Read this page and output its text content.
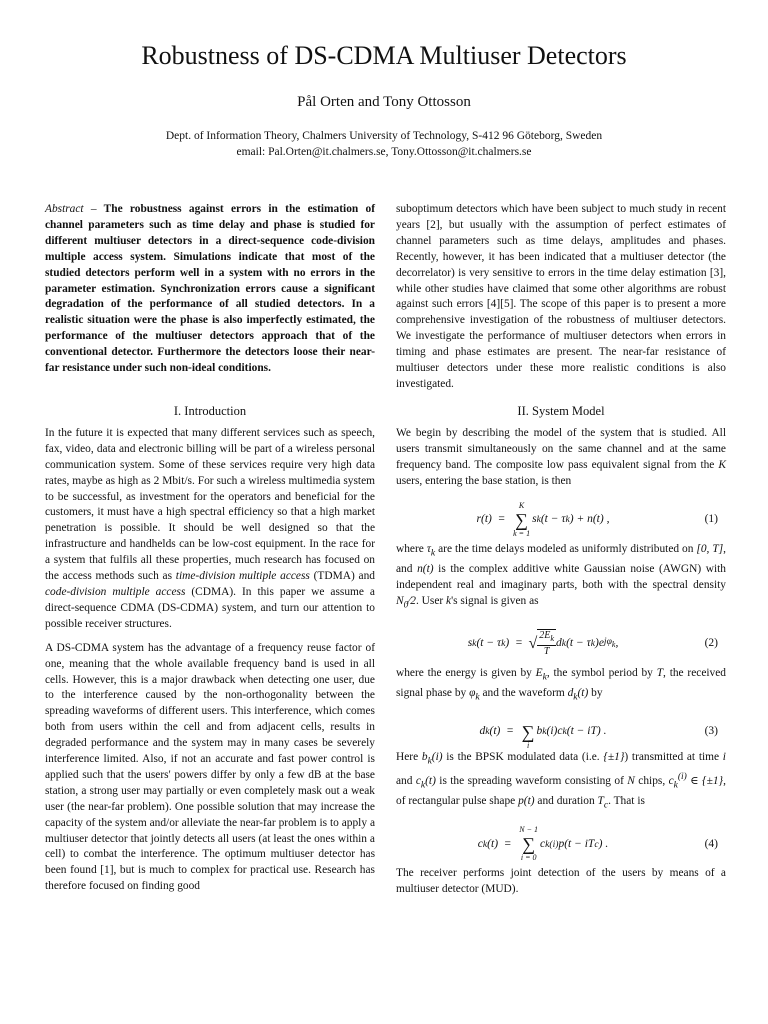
Robustness of DS-CDMA Multiuser Detectors
Pål Orten and Tony Ottosson
Dept. of Information Theory, Chalmers University of Technology, S-412 96 Göteborg, Sweden
email: Pal.Orten@it.chalmers.se, Tony.Ottosson@it.chalmers.se

Abstract – The robustness against errors in the estimation of channel parameters such as time delay and phase is studied for different multiuser detectors in a direct-sequence code-division multiple access system. Simulations indicate that most of the studied detectors perform well in a system with no errors in the parameter estimation. Synchronization errors cause a significant degradation of the performance of all studied detectors. In a realistic situation were the phase is also imperfectly estimated, the performance of the multiuser detectors approach that of the conventional detector. Furthermore the detectors loose their near-far resistance under such non-ideal conditions.

I. Introduction

In the future it is expected that many different services such as speech, fax, video, data and electronic billing will be part of a wireless personal communication system. Some of these services require very high data rates, maybe as high as 2 Mbit/s. For such a wireless multimedia system to be successful, as investment for the operators and beneficial for the customers, it must have a high spectral efficiency so that a high market penetration is possible. It should be well designed so that the infrastructure and handhelds can be low-cost equipment. In the race for a system that fulfils all these properties, much research has focused on the access methods such as time-division multiple access (TDMA) and code-division multiple access (CDMA). In this paper we assume a direct-sequence CDMA (DS-CDMA) system, and turn our attention to possible receiver structures.

A DS-CDMA system has the advantage of a frequency reuse factor of one, meaning that the whole available frequency band is used in all cells. However, this is a major drawback when detecting one user, due to the interference caused by the non-orthogonality between the spreading waveforms of different users. This interference, which comes both from users within the cell and from adjacent cells, results in degraded performance and the system may in many cases be severely interference limited. Also, if not an accurate and fast power control is applied such that the users' powers differ by only a few dB at the base station, a strong user may partially or even completely mask out a weak user (the near-far problem). One possible solution that may increase the capacity of the system and/or alleviate the near-far problem is to apply a multiuser detector that jointly detects all users (at least the ones within a cell) to combat the interference. The optimum multiuser detector has been found [1], but is much to complex for practical use. Research has therefore focused on finding good

suboptimum detectors which have been subject to much study in recent years [2], but usually with the assumption of perfect estimates of channel parameters such as time delays, amplitudes and phases. Recently, however, it has been indicated that a multiuser detector (the decorrelator) is very sensitive to errors in the time delay estimation [3], while other studies have claimed that some other algorithms are robust against such errors [4][5]. The scope of this paper is to present a more comprehensive investigation of the robustness of multiuser detectors. We investigate the performance of multiuser detectors when errors in timing and phase estimates are present. The near-far resistance of multiuser detectors under these more realistic conditions is also investigated.

II. System Model

We begin by describing the model of the system that is studied. All users transmit simultaneously on the same channel and at the same frequency band. The composite low pass equivalent signal from the K users, entering the base station, is then

r(t)  =
K
∑
k = 1
s k (t − τ k ) + n(t) ,	(1)

where $\tau_k$ are the time delays modeled as uniformly distributed on [0, T], and n(t) is the complex additive white Gaussian noise (AWGN) with independent real and imaginary parts, both with the spectral density $N_0⁄2$. User k's signal is given as

s k (t − τ k )  = √ $\frac{2E_k}{T}$ d k (t − τ k )e $j\varphi_k$ ,	(2)

where the energy is given by $E_k$, the symbol period by T, the received signal phase by $\varphi_k$ and the waveform $d_k(t)$ by

d k (t)  =
∑
i
b k (i)c k (t − iT) .	(3)

Here $b_k(i)$ is the BPSK modulated data (i.e. {±1}) transmitted at time i and $c_k(t)$ is the spreading waveform consisting of N chips, $c_k^{(i)}$ ∈ {±1}, of rectangular pulse shape p(t) and duration $T_c$. That is

c k (t)  =
N − 1
∑
i = 0
c k (i) p(t − iT c ) .	(4)

The receiver performs joint detection of the users by means of a multiuser detector (MUD).
